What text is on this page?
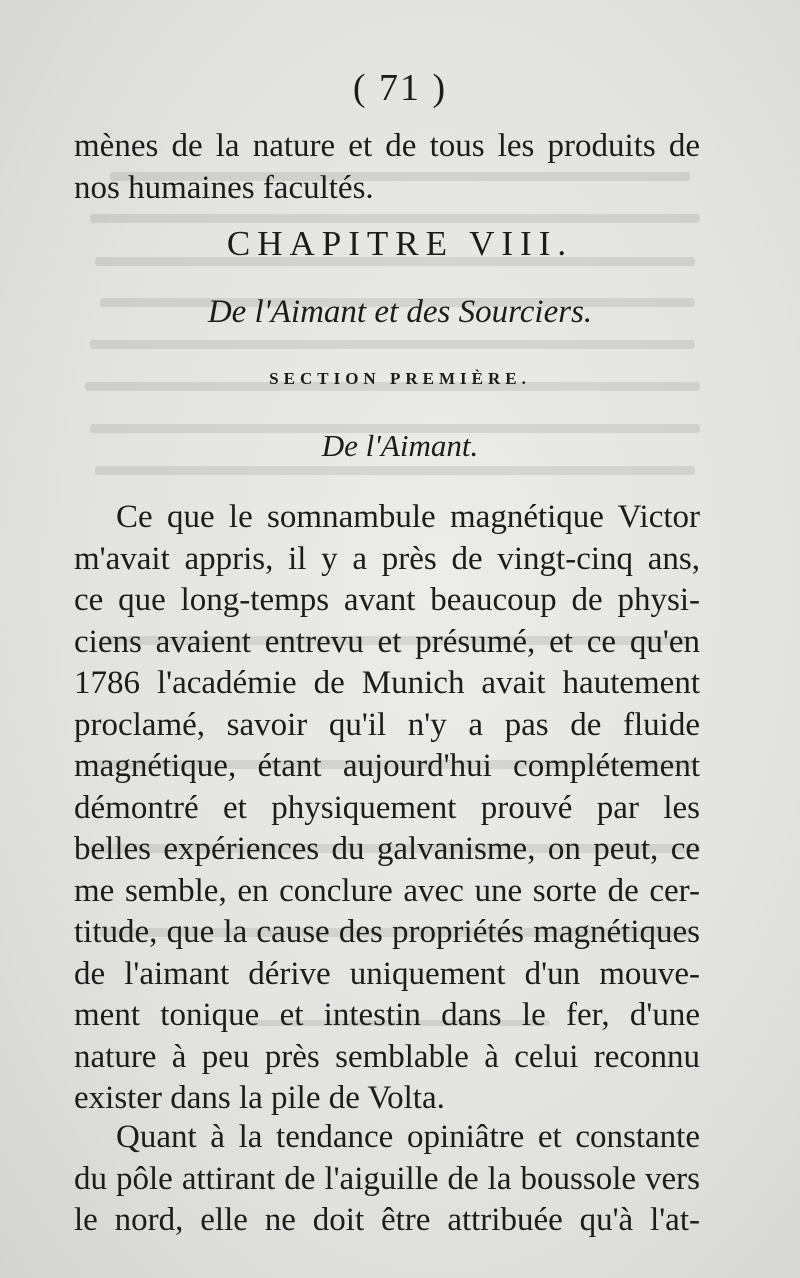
( 71 )
mènes de la nature et de tous les produits de
nos humaines facultés.
CHAPITRE VIII.
De l'Aimant et des Sourciers.
SECTION PREMIÈRE.
De l'Aimant.
Ce que le somnambule magnétique Victor
m'avait appris, il y a près de vingt-cinq ans,
ce que long-temps avant beaucoup de physi-
ciens avaient entrevu et présumé, et ce qu'en
1786 l'académie de Munich avait hautement
proclamé, savoir qu'il n'y a pas de fluide
magnétique, étant aujourd'hui complétement
démontré et physiquement prouvé par les
belles expériences du galvanisme, on peut, ce
me semble, en conclure avec une sorte de cer-
titude, que la cause des propriétés magnétiques
de l'aimant dérive uniquement d'un mouve-
ment tonique et intestin dans le fer, d'une
nature à peu près semblable à celui reconnu
exister dans la pile de Volta.
Quant à la tendance opiniâtre et constante
du pôle attirant de l'aiguille de la boussole vers
le nord, elle ne doit être attribuée qu'à l'at-
